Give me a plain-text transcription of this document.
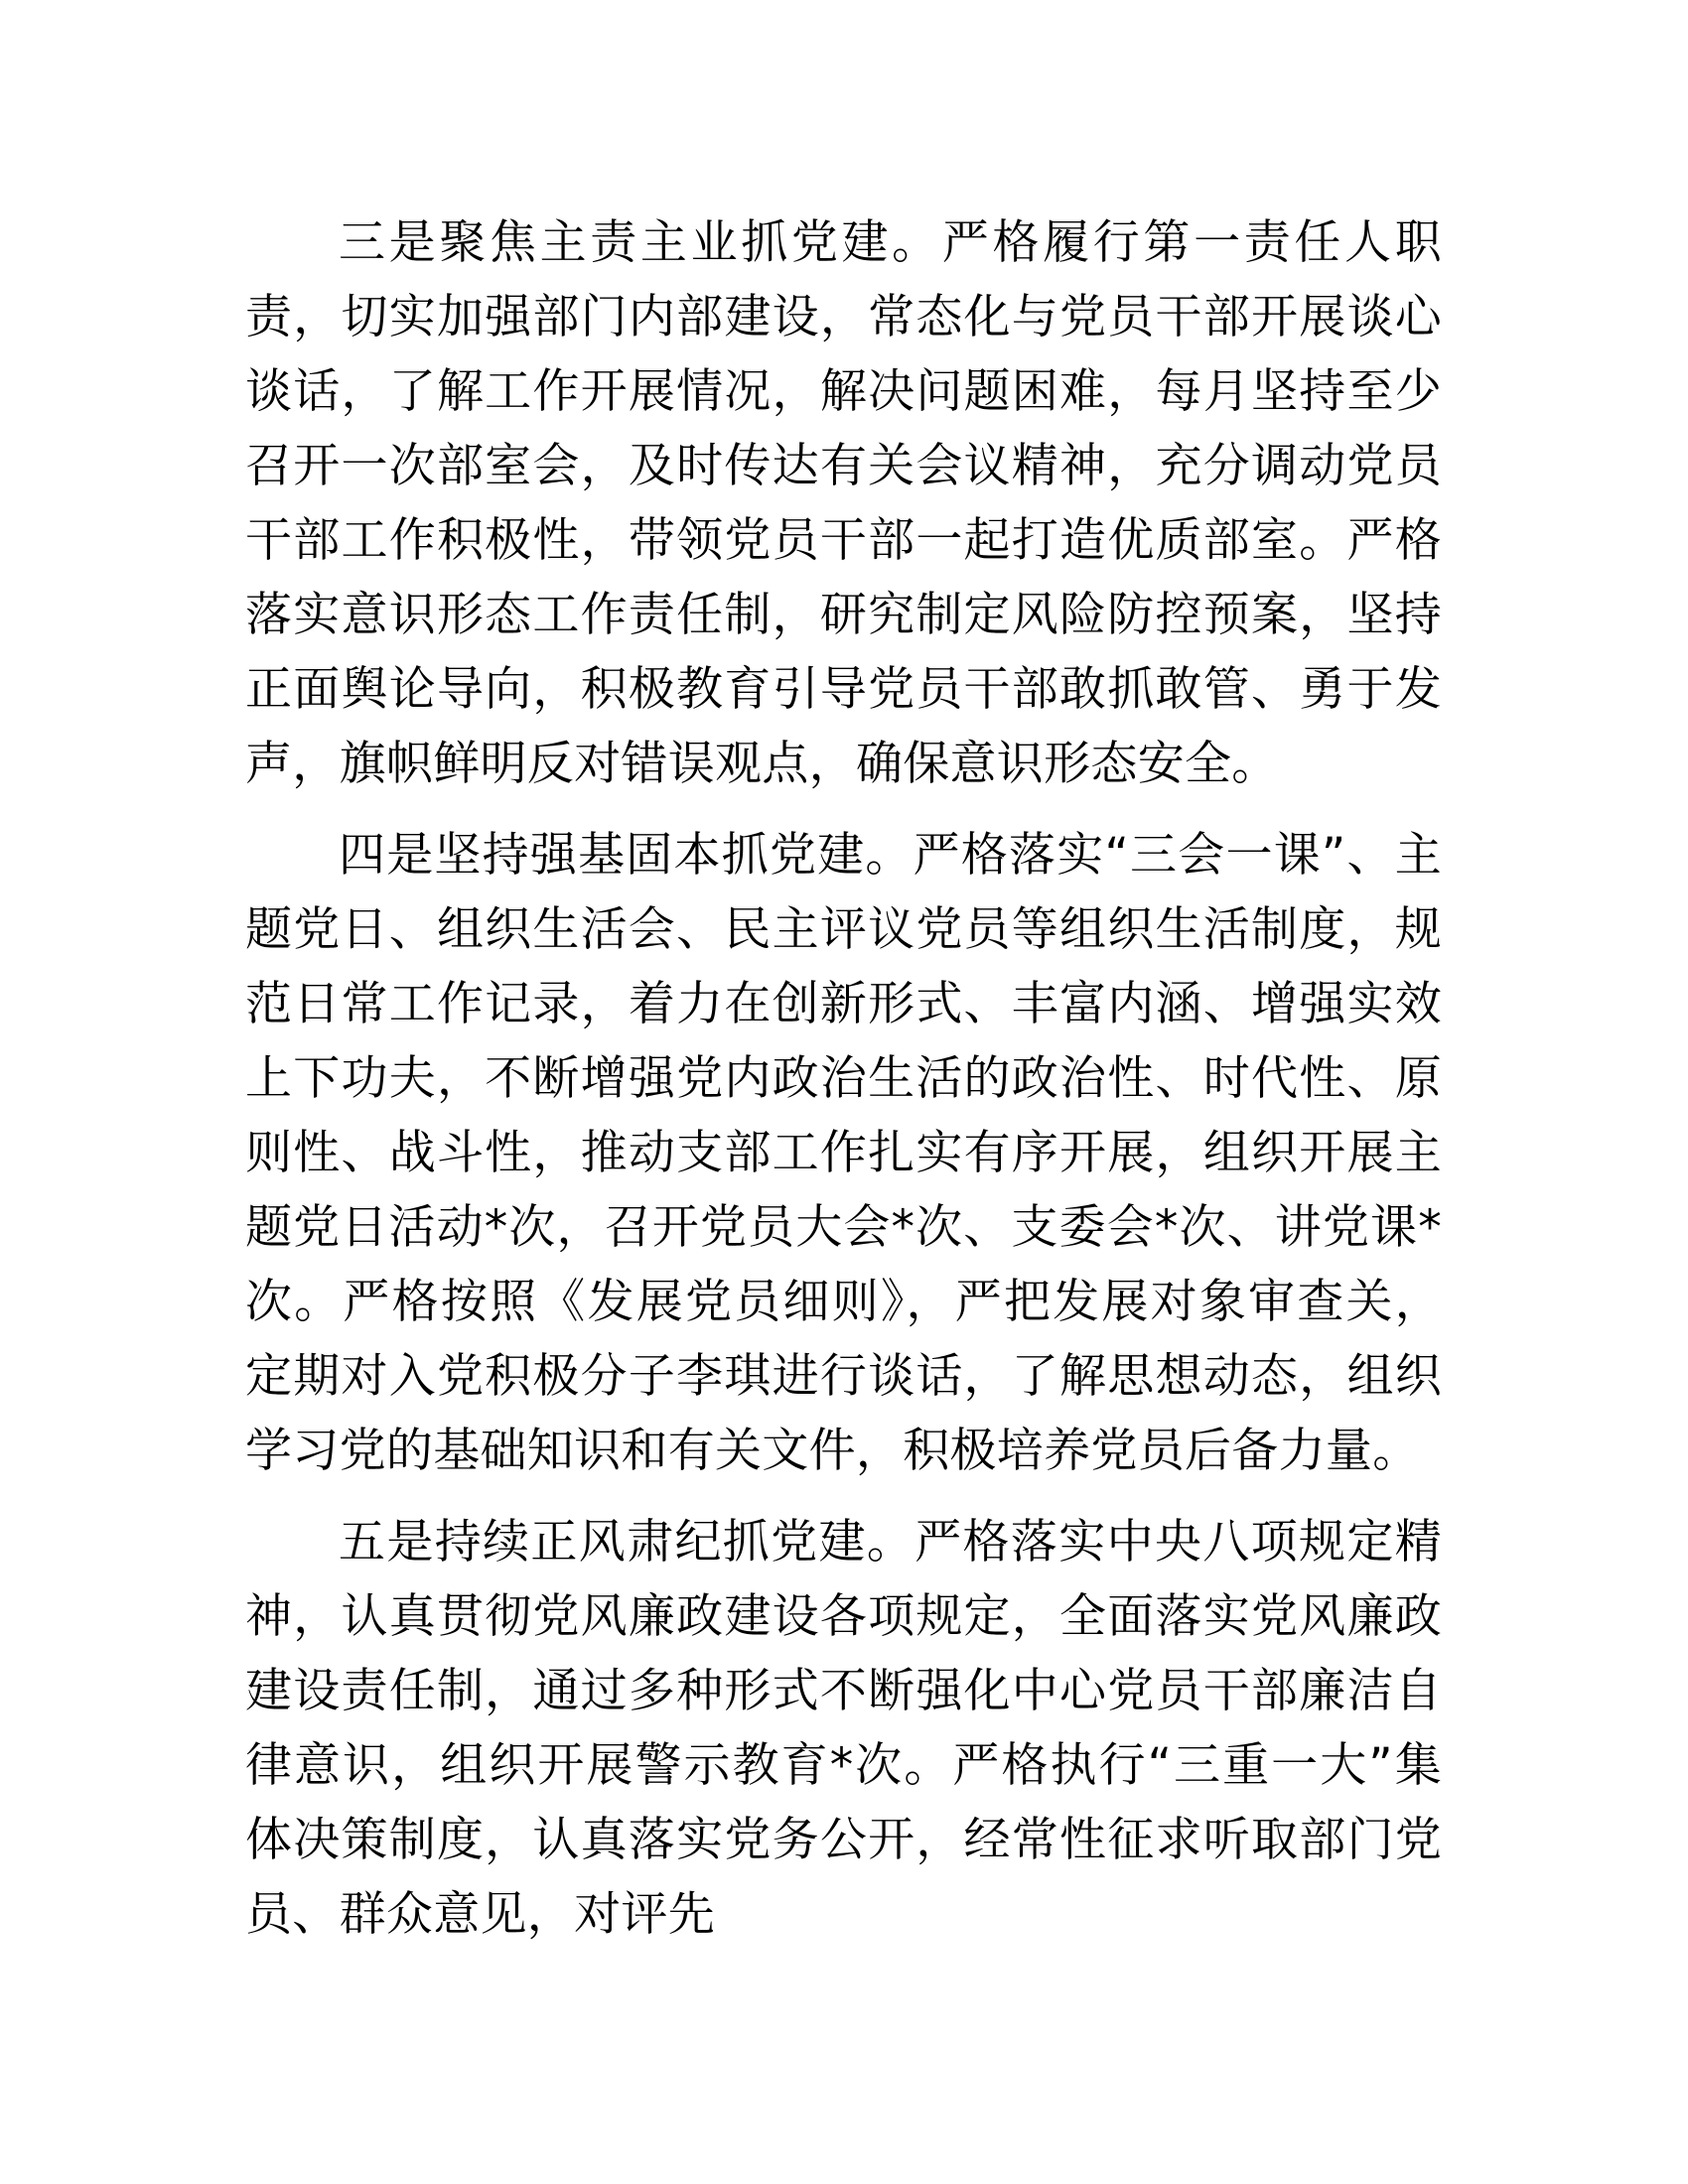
三是聚焦主责主业抓党建。严格履行第一责任人职责，切实加强部门内部建设，常态化与党员干部开展谈心谈话，了解工作开展情况，解决问题困难，每月坚持至少召开一次部室会，及时传达有关会议精神，充分调动党员干部工作积极性，带领党员干部一起打造优质部室。严格落实意识形态工作责任制，研究制定风险防控预案，坚持正面舆论导向，积极教育引导党员干部敢抓敢管、勇于发声，旗帜鲜明反对错误观点，确保意识形态安全。

四是坚持强基固本抓党建。严格落实“三会一课”、主题党日、组织生活会、民主评议党员等组织生活制度，规范日常工作记录，着力在创新形式、丰富内涵、增强实效上下功夫，不断增强党内政治生活的政治性、时代性、原则性、战斗性，推动支部工作扎实有序开展，组织开展主题党日活动*次，召开党员大会*次、支委会*次、讲党课*次。严格按照《发展党员细则》，严把发展对象审查关，定期对入党积极分子李琪进行谈话，了解思想动态，组织学习党的基础知识和有关文件，积极培养党员后备力量。

五是持续正风肃纪抓党建。严格落实中央八项规定精神，认真贯彻党风廉政建设各项规定，全面落实党风廉政建设责任制，通过多种形式不断强化中心党员干部廉洁自律意识，组织开展警示教育*次。严格执行“三重一大”集体决策制度，认真落实党务公开，经常性征求听取部门党员、群众意见，对评先
